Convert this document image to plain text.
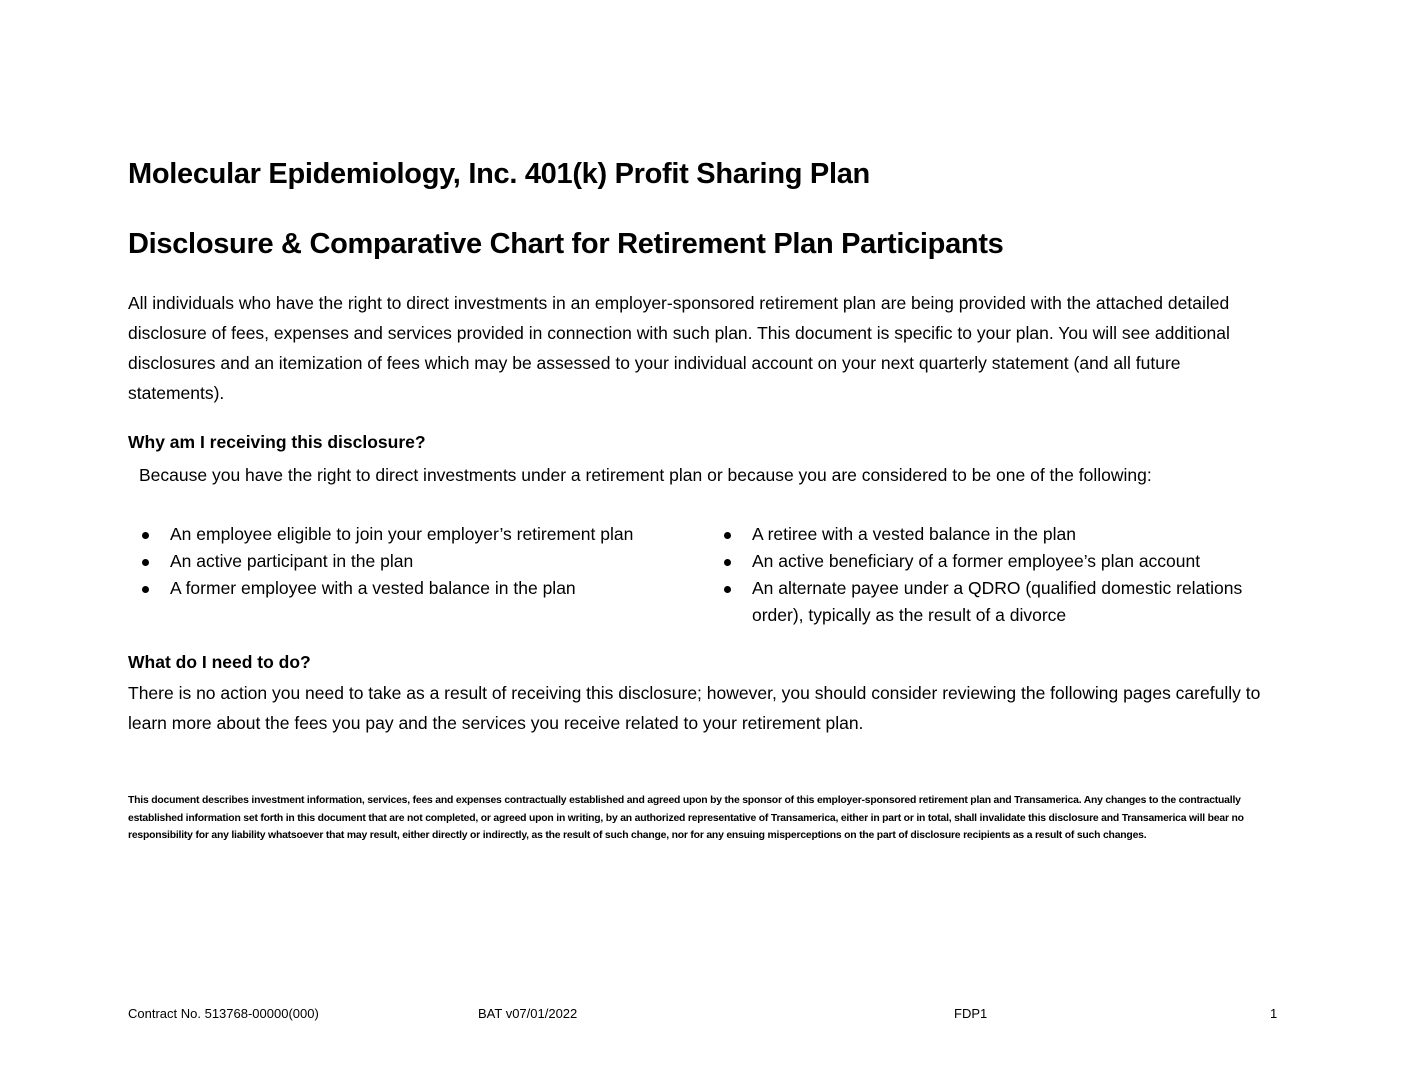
Molecular Epidemiology, Inc. 401(k) Profit Sharing Plan
Disclosure & Comparative Chart for Retirement Plan Participants
All individuals who have the right to direct investments in an employer-sponsored retirement plan are being provided with the attached detailed disclosure of fees, expenses and services provided in connection with such plan. This document is specific to your plan. You will see additional disclosures and an itemization of fees which may be assessed to your individual account on your next quarterly statement (and all future statements).
Why am I receiving this disclosure?
Because you have the right to direct investments under a retirement plan or because you are considered to be one of the following:
An employee eligible to join your employer’s retirement plan
An active participant in the plan
A former employee with a vested balance in the plan
A retiree with a vested balance in the plan
An active beneficiary of a former employee’s plan account
An alternate payee under a QDRO (qualified domestic relations order), typically as the result of a divorce
What do I need to do?
There is no action you need to take as a result of receiving this disclosure; however, you should consider reviewing the following pages carefully to learn more about the fees you pay and the services you receive related to your retirement plan.
This document describes investment information, services, fees and expenses contractually established and agreed upon by the sponsor of this employer-sponsored retirement plan and Transamerica. Any changes to the contractually established information set forth in this document that are not completed, or agreed upon in writing, by an authorized representative of Transamerica, either in part or in total, shall invalidate this disclosure and Transamerica will bear no responsibility for any liability whatsoever that may result, either directly or indirectly, as the result of such change, nor for any ensuing misperceptions on the part of disclosure recipients as a result of such changes.
Contract No. 513768-00000(000)	BAT v07/01/2022	FDP1	1
